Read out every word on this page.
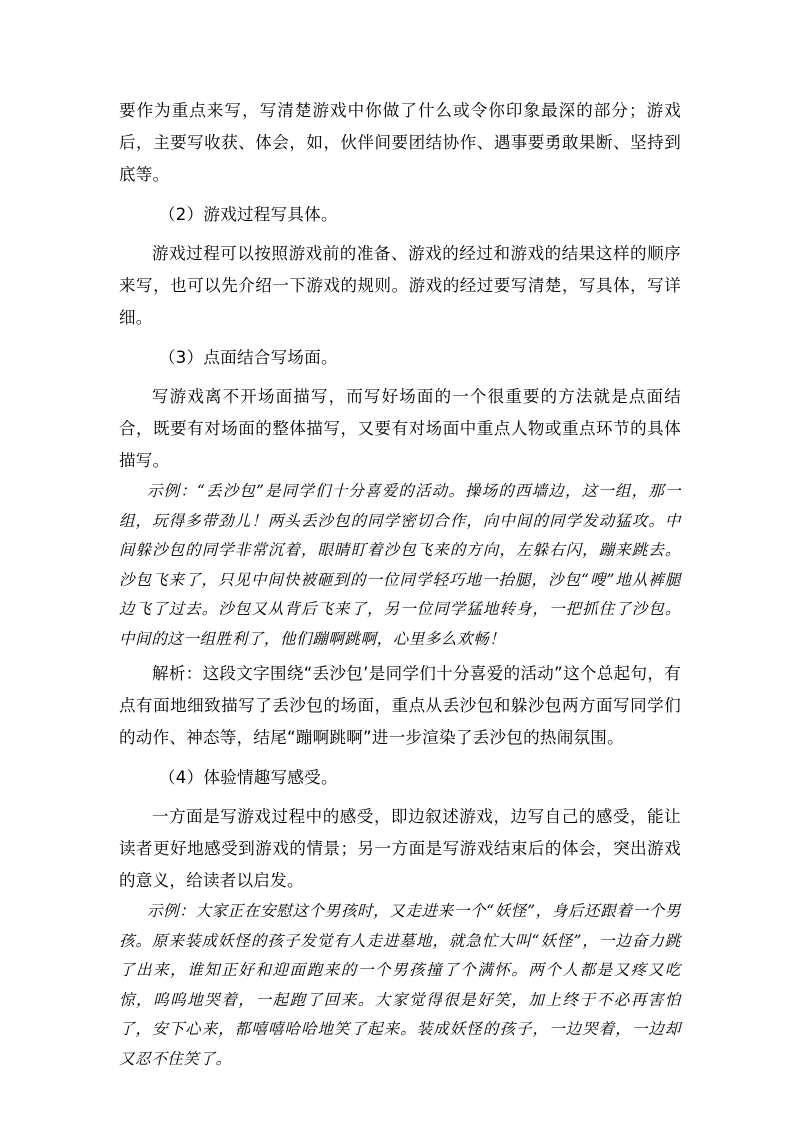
要作为重点来写，写清楚游戏中你做了什么或令你印象最深的部分；游戏后，主要写收获、体会，如，伙伴间要团结协作、遇事要勇敢果断、坚持到底等。

（2）游戏过程写具体。

游戏过程可以按照游戏前的准备、游戏的经过和游戏的结果这样的顺序来写，也可以先介绍一下游戏的规则。游戏的经过要写清楚，写具体，写详细。

（3）点面结合写场面。

写游戏离不开场面描写，而写好场面的一个很重要的方法就是点面结合，既要有对场面的整体描写，又要有对场面中重点人物或重点环节的具体描写。

示例：“丢沙包”是同学们十分喜爱的活动。操场的西墙边，这一组，那一组，玩得多带劲儿！两头丢沙包的同学密切合作，向中间的同学发动猛攻。中间躲沙包的同学非常沉着，眼睛盯着沙包飞来的方向，左躲右闪，蹦来跳去。沙包飞来了，只见中间快被砸到的一位同学轻巧地一抬腿，沙包“嗖”地从裤腿边飞了过去。沙包又从背后飞来了，另一位同学猛地转身，一把抓住了沙包。中间的这一组胜利了，他们蹦啊跳啊，心里多么欢畅！

解析：这段文字围绕“丢沙包’是同学们十分喜爱的活动”这个总起句，有点有面地细致描写了丢沙包的场面，重点从丢沙包和躲沙包两方面写同学们的动作、神态等，结尾“蹦啊跳啊”进一步渲染了丢沙包的热闹氛围。

（4）体验情趣写感受。

一方面是写游戏过程中的感受，即边叙述游戏，边写自己的感受，能让读者更好地感受到游戏的情景；另一方面是写游戏结束后的体会，突出游戏的意义，给读者以启发。

示例：大家正在安慰这个男孩时，又走进来一个“妖怪”，身后还跟着一个男孩。原来装成妖怪的孩子发觉有人走进墓地，就急忙大叫“妖怪”，一边奋力跳了出来，谁知正好和迎面跑来的一个男孩撞了个满怀。两个人都是又疼又吃惊，呜呜地哭着，一起跑了回来。大家觉得很是好笑，加上终于不必再害怕了，安下心来，都嘻嘻哈哈地笑了起来。装成妖怪的孩子，一边哭着，一边却又忍不住笑了。
